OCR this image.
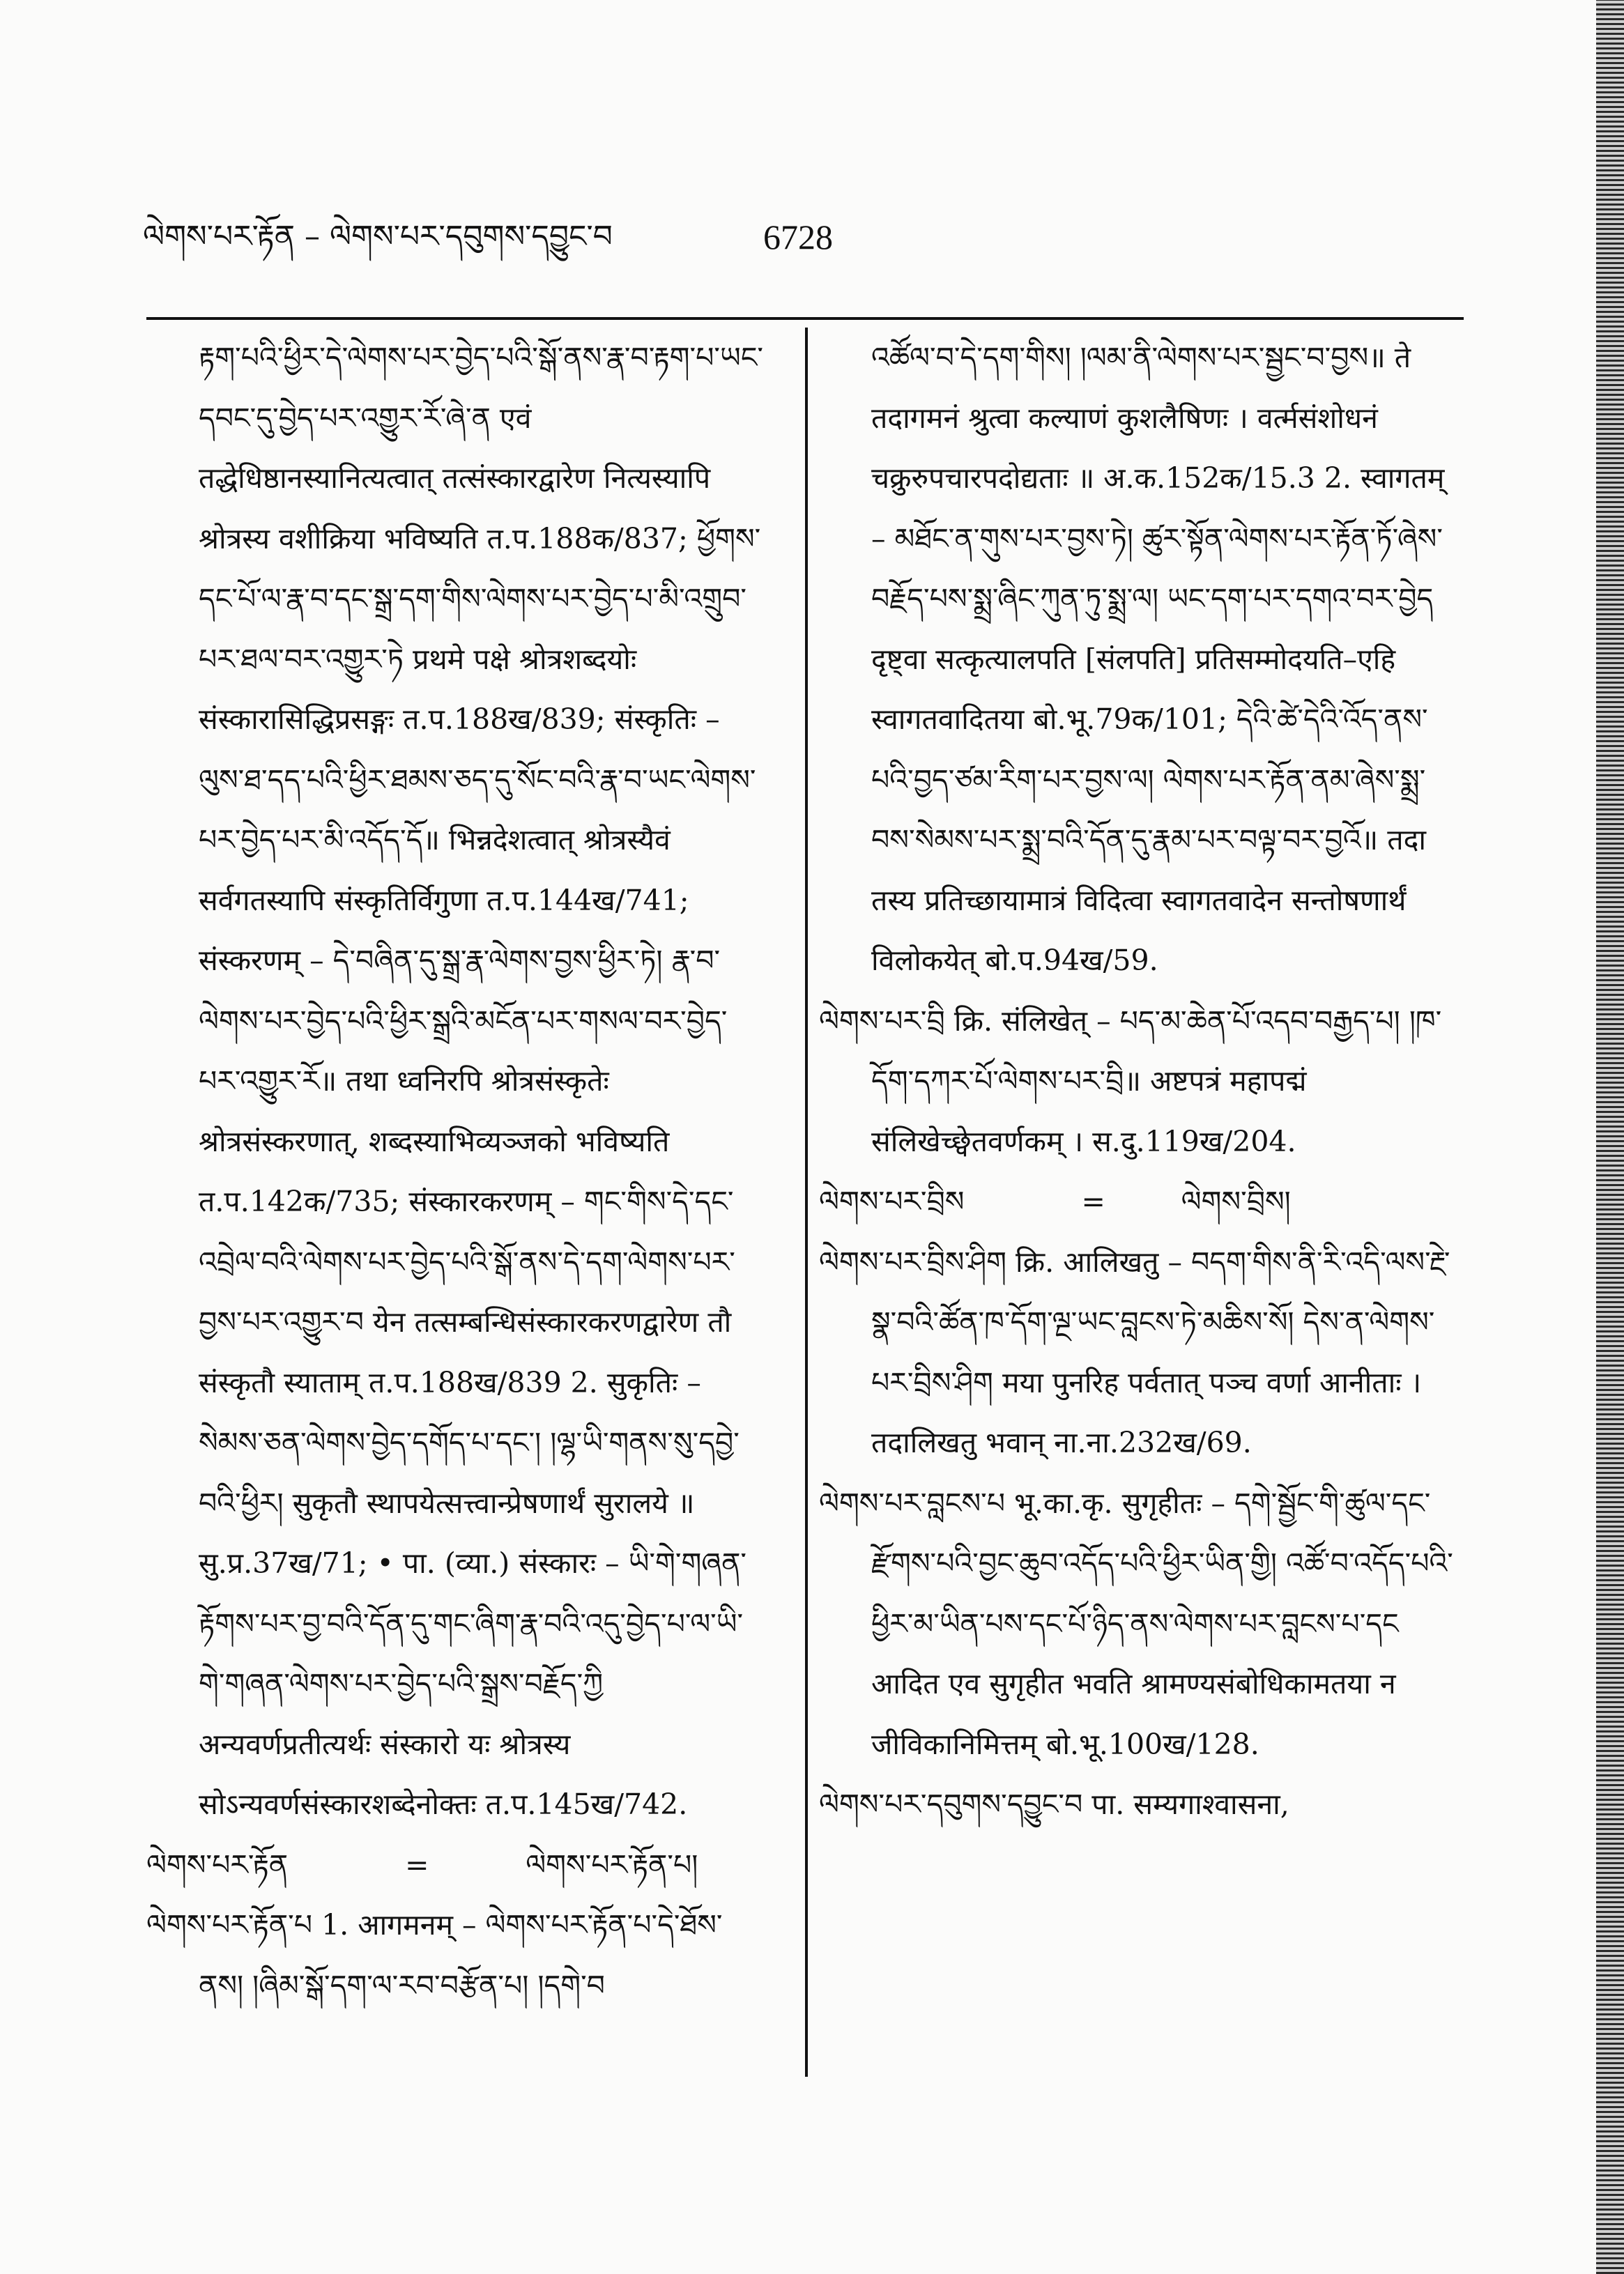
ལེགས་པར་རྟོན – ལེགས་པར་དབུགས་དབྱུང་བ	6728

རྟག་པའི་ཕྱིར་དེ་ལེགས་པར་བྱེད་པའི་སྒོ་ནས་རྣ་བ་རྟག་པ་ཡང་དབང་དུ་བྱེད་པར་འགྱུར་རོ་ཞེ་ན एवं तद्धेधिष्ठानस्यानित्यत्वात् तत्संस्कारद्वारेण नित्यस्यापि श्रोत्रस्य वशीक्रिया भविष्यति त.प.188क/837; ཕྱོགས་དང་པོ་ལ་རྣ་བ་དང་སྒྲ་དག་གིས་ལེགས་པར་བྱེད་པ་མི་འགྲུབ་པར་ཐལ་བར་འགྱུར་ཏེ प्रथमे पक्षे श्रोत्रशब्दयोः संस्कारासिद्धिप्रसङ्गः त.प.188ख/839; संस्कृतिः – ལུས་ཐ་དད་པའི་ཕྱིར་ཐམས་ཅད་དུ་སོང་བའི་རྣ་བ་ཡང་ལེགས་པར་བྱེད་པར་མི་འདོད་དོ॥ भिन्नदेशत्वात् श्रोत्रस्यैवं सर्वगतस्यापि संस्कृतिर्विगुणा त.प.144ख/741; संस्करणम् – དེ་བཞིན་དུ་སྒྲ་རྣ་ལེགས་བྱས་ཕྱིར་ཏེ། རྣ་བ་ལེགས་པར་བྱེད་པའི་ཕྱིར་སྒྲའི་མངོན་པར་གསལ་བར་བྱེད་པར་འགྱུར་རོ॥ तथा ध्वनिरपि श्रोत्रसंस्कृतेः श्रोत्रसंस्करणात्, शब्दस्याभिव्यञ्जको भविष्यति त.प.142क/735; संस्कारकरणम् – གང་གིས་དེ་དང་འབྲེལ་བའི་ལེགས་པར་བྱེད་པའི་སྒོ་ནས་དེ་དག་ལེགས་པར་བྱས་པར་འགྱུར་བ येन तत्सम्बन्धिसंस्कारकरणद्वारेण तौ संस्कृतौ स्याताम् त.प.188ख/839 2. सुकृतिः – སེམས་ཅན་ལེགས་བྱེད་དགོད་པ་དང་། །ལྷ་ཡི་གནས་སུ་དབྱེ་བའི་ཕྱིར། सुकृतौ स्थापयेत्सत्त्वान्प्रेषणार्थं सुरालये ॥ सु.प्र.37ख/71; • पा. (व्या.) संस्कारः – ཡི་གེ་གཞན་རྟོགས་པར་བྱ་བའི་དོན་དུ་གང་ཞིག་རྣ་བའི་འདུ་བྱེད་པ་ལ་ཡི་གེ་གཞན་ལེགས་པར་བྱེད་པའི་སྒྲས་བརྗོད་ཀྱི अन्यवर्णप्रतीत्यर्थः संस्कारो यः श्रोत्रस्य सोऽन्यवर्णसंस्कारशब्देनोक्तः त.प.145ख/742.

ལེགས་པར་རྟོན	=	ལེགས་པར་རྟོན་པ།

ལེགས་པར་རྟོན་པ 1. आगमनम् – ལེགས་པར་རྟོན་པ་དེ་ཐོས་ནས། །ཞིམ་སྒོ་དག་ལ་རབ་བརྩོན་པ། །དགེ་བ

འཚོལ་བ་དེ་དག་གིས། །ལམ་ནི་ལེགས་པར་སྦྱང་བ་བྱས॥ ते तदागमनं श्रुत्वा कल्याणं कुशलैषिणः । वर्त्मसंशोधनं चक्रुरुपचारपदोद्यताः ॥ अ.क.152क/15.3 2. स्वागतम् – མཐོང་ན་གུས་པར་བྱས་ཏེ། ཚུར་སྟོན་ལེགས་པར་རྟོན་ཏོ་ཞེས་བརྗོད་པས་སྨྲ་ཞིང་ཀུན་ཏུ་སྨྲ་ལ། ཡང་དག་པར་དགའ་བར་བྱེད दृष्ट्वा सत्कृत्यालपति [संलपति] प्रतिसम्मोदयति–एहि स्वागतवादितया बो.भू.79क/101; དེའི་ཚེ་དེའི་འོད་ནས་པའི་བྱད་ཙམ་རིག་པར་བྱས་ལ། ལེགས་པར་རྟོན་ནམ་ཞེས་སྨྲ་བས་སེམས་པར་སྨྲ་བའི་དོན་དུ་རྣམ་པར་བལྟ་བར་བྱའོ॥ तदा तस्य प्रतिच्छायामात्रं विदित्वा स्वागतवादेन सन्तोषणार्थं विलोकयेत् बो.प.94ख/59.

ལེགས་པར་བྲི क्रि. संलिखेत् – པད་མ་ཆེན་པོ་འདབ་བརྒྱད་པ། །ཁ་དོག་དཀར་པོ་ལེགས་པར་བྲི॥ अष्टपत्रं महापद्मं संलिखेच्छ्वेतवर्णकम् । स.दु.119ख/204.

ལེགས་པར་བྲིས	=	ལེགས་བྲིས།

ལེགས་པར་བྲིས་ཤིག क्रि. आलिखतु – བདག་གིས་ནི་རི་འདི་ལས་རྔེ་སྣ་བའི་ཚོན་ཁ་དོག་ལྔ་ཡང་བླངས་ཏེ་མཆིས་སོ། དེས་ན་ལེགས་པར་བྲིས་ཤིག मया पुनरिह पर्वतात् पञ्च वर्णा आनीताः । तदालिखतु भवान् ना.ना.232ख/69.

ལེགས་པར་བླངས་པ भू.का.कृ. सुगृहीतः – དགེ་སྦྱོང་གི་ཚུལ་དང་རྫོགས་པའི་བྱང་ཆུབ་འདོད་པའི་ཕྱིར་ཡིན་གྱི། འཚོ་བ་འདོད་པའི་ཕྱིར་མ་ཡིན་པས་དང་པོ་ཉིད་ནས་ལེགས་པར་བླངས་པ་དང आदित एव सुगृहीत भवति श्रामण्यसंबोधिकामतया न जीविकानिमित्तम् बो.भू.100ख/128.

ལེགས་པར་དབུགས་དབྱུང་བ पा. सम्यगाश्वासना,
